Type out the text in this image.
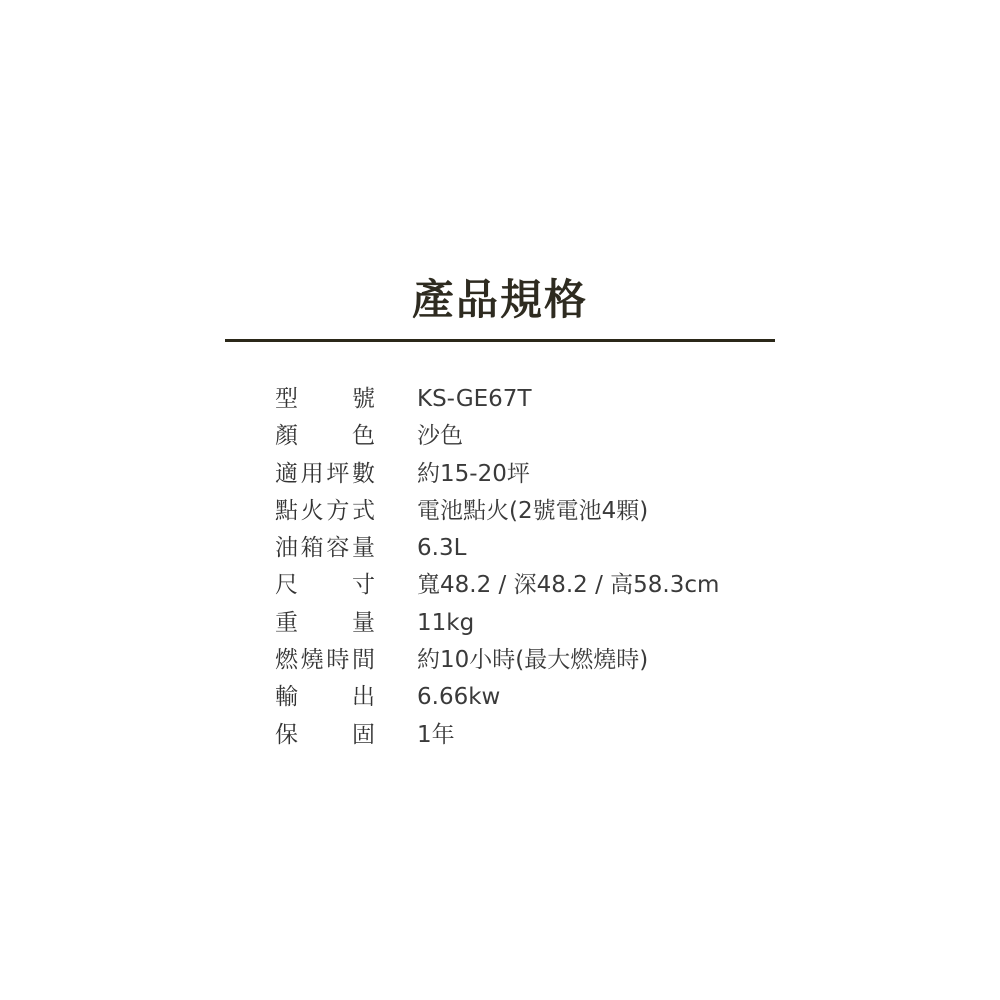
產品規格
型號 KS-GE67T
顏色 沙色
適用坪數 約15-20坪
點火方式 電池點火(2號電池4顆)
油箱容量 6.3L
尺寸 寬48.2 / 深48.2 / 高58.3cm
重量 11kg
燃燒時間 約10小時(最大燃燒時)
輸出 6.66kw
保固 1年
